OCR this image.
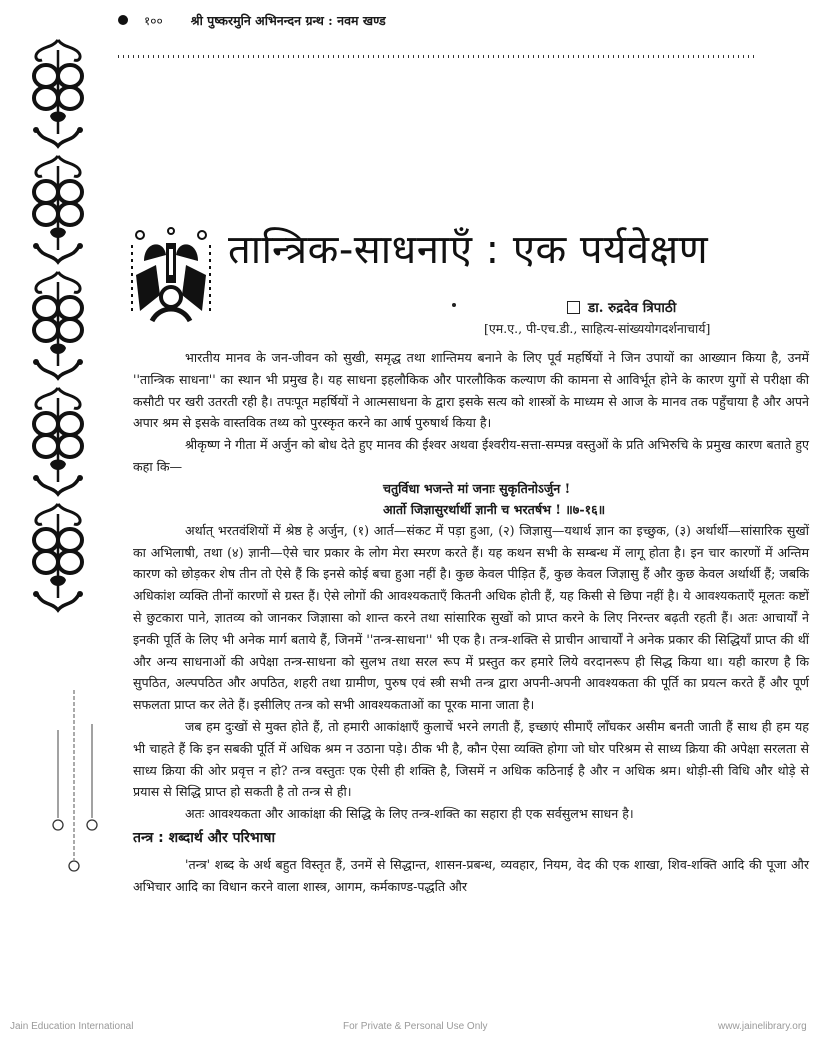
१०० श्री पुष्करमुनि अभिनन्दन ग्रन्थ : नवम खण्ड
तान्त्रिक-साधनाएँ : एक पर्यवेक्षण
डा. रुद्रदेव त्रिपाठी
[एम.ए., पी-एच.डी., साहित्य-सांख्ययोगदर्शनाचार्य]

भारतीय मानव के जन-जीवन को सुखी, समृद्ध तथा शान्तिमय बनाने के लिए पूर्व महर्षियों ने जिन उपायों का आख्यान किया है, उनमें ''तान्त्रिक साधना'' का स्थान भी प्रमुख है। यह साधना इहलौकिक और पारलौकिक कल्याण की कामना से आविर्भूत होने के कारण युगों से परीक्षा की कसौटी पर खरी उतरती रही है। तपःपूत महर्षियों ने आत्मसाधना के द्वारा इसके सत्य को शास्त्रों के माध्यम से आज के मानव तक पहुँचाया है और अपने अपार श्रम से इसके वास्तविक तथ्य को पुरस्कृत करने का आर्ष पुरुषार्थ किया है।

श्रीकृष्ण ने गीता में अर्जुन को बोध देते हुए मानव की ईश्वर अथवा ईश्वरीय-सत्ता-सम्पन्न वस्तुओं के प्रति अभिरुचि के प्रमुख कारण बताते हुए कहा कि—

चतुर्विधा भजन्ते मां जनाः सुकृतिनोऽर्जुन !
आर्तो जिज्ञासुरर्थार्थी ज्ञानी च भरतर्षभ ! ॥७-१६॥

अर्थात् भरतवंशियों में श्रेष्ठ हे अर्जुन, (१) आर्त—संकट में पड़ा हुआ, (२) जिज्ञासु—यथार्थ ज्ञान का इच्छुक, (३) अर्थार्थी—सांसारिक सुखों का अभिलाषी, तथा (४) ज्ञानी—ऐसे चार प्रकार के लोग मेरा स्मरण करते हैं। यह कथन सभी के सम्बन्ध में लागू होता है। इन चार कारणों में अन्तिम कारण को छोड़कर शेष तीन तो ऐसे हैं कि इनसे कोई बचा हुआ नहीं है। कुछ केवल पीड़ित हैं, कुछ केवल जिज्ञासु हैं और कुछ केवल अर्थार्थी हैं; जबकि अधिकांश व्यक्ति तीनों कारणों से ग्रस्त हैं। ऐसे लोगों की आवश्यकताएँ कितनी अधिक होती हैं, यह किसी से छिपा नहीं है। ये आवश्यकताएँ मूलतः कष्टों से छुटकारा पाने, ज्ञातव्य को जानकर जिज्ञासा को शान्त करने तथा सांसारिक सुखों को प्राप्त करने के लिए निरन्तर बढ़ती रहती हैं। अतः आचार्यों ने इनकी पूर्ति के लिए भी अनेक मार्ग बताये हैं, जिनमें ''तन्त्र-साधना'' भी एक है। तन्त्र-शक्ति से प्राचीन आचार्यों ने अनेक प्रकार की सिद्धियाँ प्राप्त की थीं और अन्य साधनाओं की अपेक्षा तन्त्र-साधना को सुलभ तथा सरल रूप में प्रस्तुत कर हमारे लिये वरदानरूप ही सिद्ध किया था। यही कारण है कि सुपठित, अल्पपठित और अपठित, शहरी तथा ग्रामीण, पुरुष एवं स्त्री सभी तन्त्र द्वारा अपनी-अपनी आवश्यकता की पूर्ति का प्रयत्न करते हैं और पूर्ण सफलता प्राप्त कर लेते हैं। इसीलिए तन्त्र को सभी आवश्यकताओं का पूरक माना जाता है।

जब हम दुःखों से मुक्त होते हैं, तो हमारी आकांक्षाएँ कुलाचें भरने लगती हैं, इच्छाएं सीमाएँ लाँघकर असीम बनती जाती हैं साथ ही हम यह भी चाहते हैं कि इन सबकी पूर्ति में अधिक श्रम न उठाना पड़े। ठीक भी है, कौन ऐसा व्यक्ति होगा जो घोर परिश्रम से साध्य क्रिया की अपेक्षा सरलता से साध्य क्रिया की ओर प्रवृत्त न हो? तन्त्र वस्तुतः एक ऐसी ही शक्ति है, जिसमें न अधिक कठिनाई है और न अधिक श्रम। थोड़ी-सी विधि और थोड़े से प्रयास से सिद्धि प्राप्त हो सकती है तो तन्त्र से ही।

अतः आवश्यकता और आकांक्षा की सिद्धि के लिए तन्त्र-शक्ति का सहारा ही एक सर्वसुलभ साधन है।

तन्त्र : शब्दार्थ और परिभाषा

'तन्त्र' शब्द के अर्थ बहुत विस्तृत हैं, उनमें से सिद्धान्त, शासन-प्रबन्ध, व्यवहार, नियम, वेद की एक शाखा, शिव-शक्ति आदि की पूजा और अभिचार आदि का विधान करने वाला शास्त्र, आगम, कर्मकाण्ड-पद्धति और

Jain Education International	For Private & Personal Use Only	www.jainelibrary.org
